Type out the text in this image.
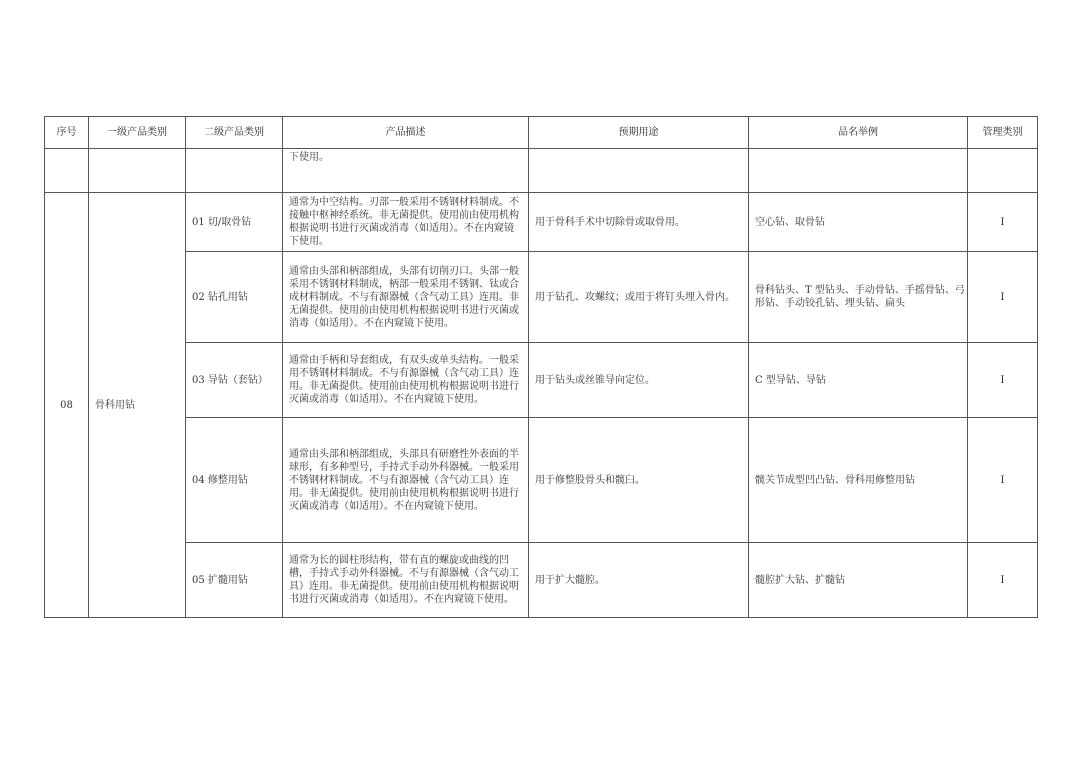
序号	一级产品类别	二级产品类别	产品描述	预期用途	品名举例	管理类别
			下使用。			
08	骨科用钻	01 切/取骨钻	通常为中空结构。刃部一般采用不锈钢材料制成。不接触中枢神经系统。非无菌提供。使用前由使用机构根据说明书进行灭菌或消毒（如适用）。不在内窥镜下使用。	用于骨科手术中切除骨或取骨用。	空心钻、取骨钻	I
		02 钻孔用钻	通常由头部和柄部组成，头部有切削刃口。头部一般采用不锈钢材料制成，柄部一般采用不锈钢、钛或合成材料制成。不与有源器械（含气动工具）连用。非无菌提供。使用前由使用机构根据说明书进行灭菌或消毒（如适用）。不在内窥镜下使用。	用于钻孔、攻螺纹；或用于将钉头埋入骨内。	骨科钻头、T 型钻头、手动骨钻、手摇骨钻、弓形钻、手动铰孔钻、埋头钻、扁头	I
		03 导钻（套钻）	通常由手柄和导套组成，有双头或单头结构。一般采用不锈钢材料制成。不与有源器械（含气动工具）连用。非无菌提供。使用前由使用机构根据说明书进行灭菌或消毒（如适用）。不在内窥镜下使用。	用于钻头或丝锥导向定位。	C 型导钻、导钻	I
		04 修整用钻	通常由头部和柄部组成，头部具有研磨性外表面的半球形，有多种型号，手持式手动外科器械。一般采用不锈钢材料制成。不与有源器械（含气动工具）连用。非无菌提供。使用前由使用机构根据说明书进行灭菌或消毒（如适用）。不在内窥镜下使用。	用于修整股骨头和髋臼。	髋关节成型凹凸钻、骨科用修整用钻	I
		05 扩髓用钻	通常为长的圆柱形结构，带有直的螺旋或曲线的凹槽，手持式手动外科器械。不与有源器械（含气动工具）连用。非无菌提供。使用前由使用机构根据说明书进行灭菌或消毒（如适用）。不在内窥镜下使用。	用于扩大髓腔。	髓腔扩大钻、扩髓钻	I
